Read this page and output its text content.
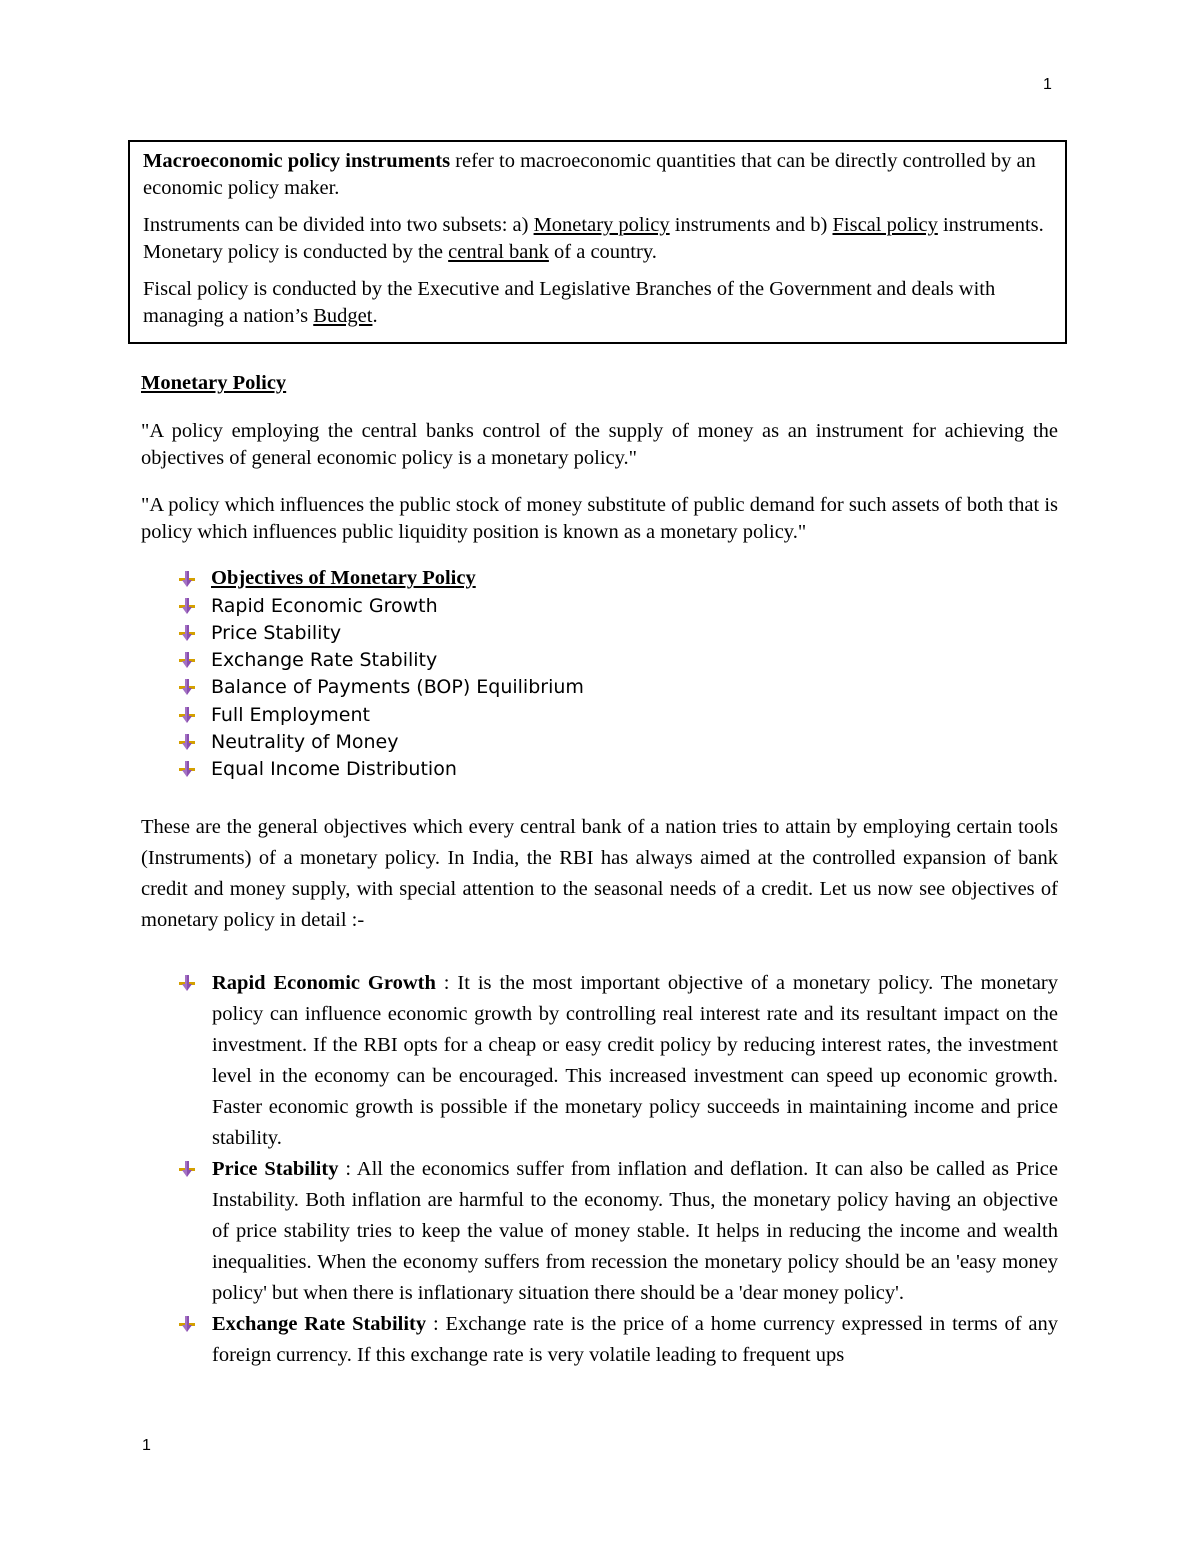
1

Macroeconomic policy instruments refer to macroeconomic quantities that can be directly controlled by an economic policy maker.

Instruments can be divided into two subsets: a) Monetary policy instruments and b) Fiscal policy instruments. Monetary policy is conducted by the central bank of a country.

Fiscal policy is conducted by the Executive and Legislative Branches of the Government and deals with managing a nation’s Budget.

Monetary Policy
"A policy employing the central banks control of the supply of money as an instrument for achieving the objectives of general economic policy is a monetary policy."
"A policy which influences the public stock of money substitute of public demand for such assets of both that is policy which influences public liquidity position is known as a monetary policy."
Objectives of Monetary Policy
Rapid Economic Growth
Price Stability
Exchange Rate Stability
Balance of Payments (BOP) Equilibrium
Full Employment
Neutrality of Money
Equal Income Distribution
These are the general objectives which every central bank of a nation tries to attain by employing certain tools (Instruments) of a monetary policy. In India, the RBI has always aimed at the controlled expansion of bank credit and money supply, with special attention to the seasonal needs of a credit. Let us now see objectives of monetary policy in detail :-
Rapid Economic Growth : It is the most important objective of a monetary policy. The monetary policy can influence economic growth by controlling real interest rate and its resultant impact on the investment. If the RBI opts for a cheap or easy credit policy by reducing interest rates, the investment level in the economy can be encouraged. This increased investment can speed up economic growth. Faster economic growth is possible if the monetary policy succeeds in maintaining income and price stability.
Price Stability : All the economics suffer from inflation and deflation. It can also be called as Price Instability. Both inflation are harmful to the economy. Thus, the monetary policy having an objective of price stability tries to keep the value of money stable. It helps in reducing the income and wealth inequalities. When the economy suffers from recession the monetary policy should be an 'easy money policy' but when there is inflationary situation there should be a 'dear money policy'.
Exchange Rate Stability : Exchange rate is the price of a home currency expressed in terms of any foreign currency. If this exchange rate is very volatile leading to frequent ups
1
